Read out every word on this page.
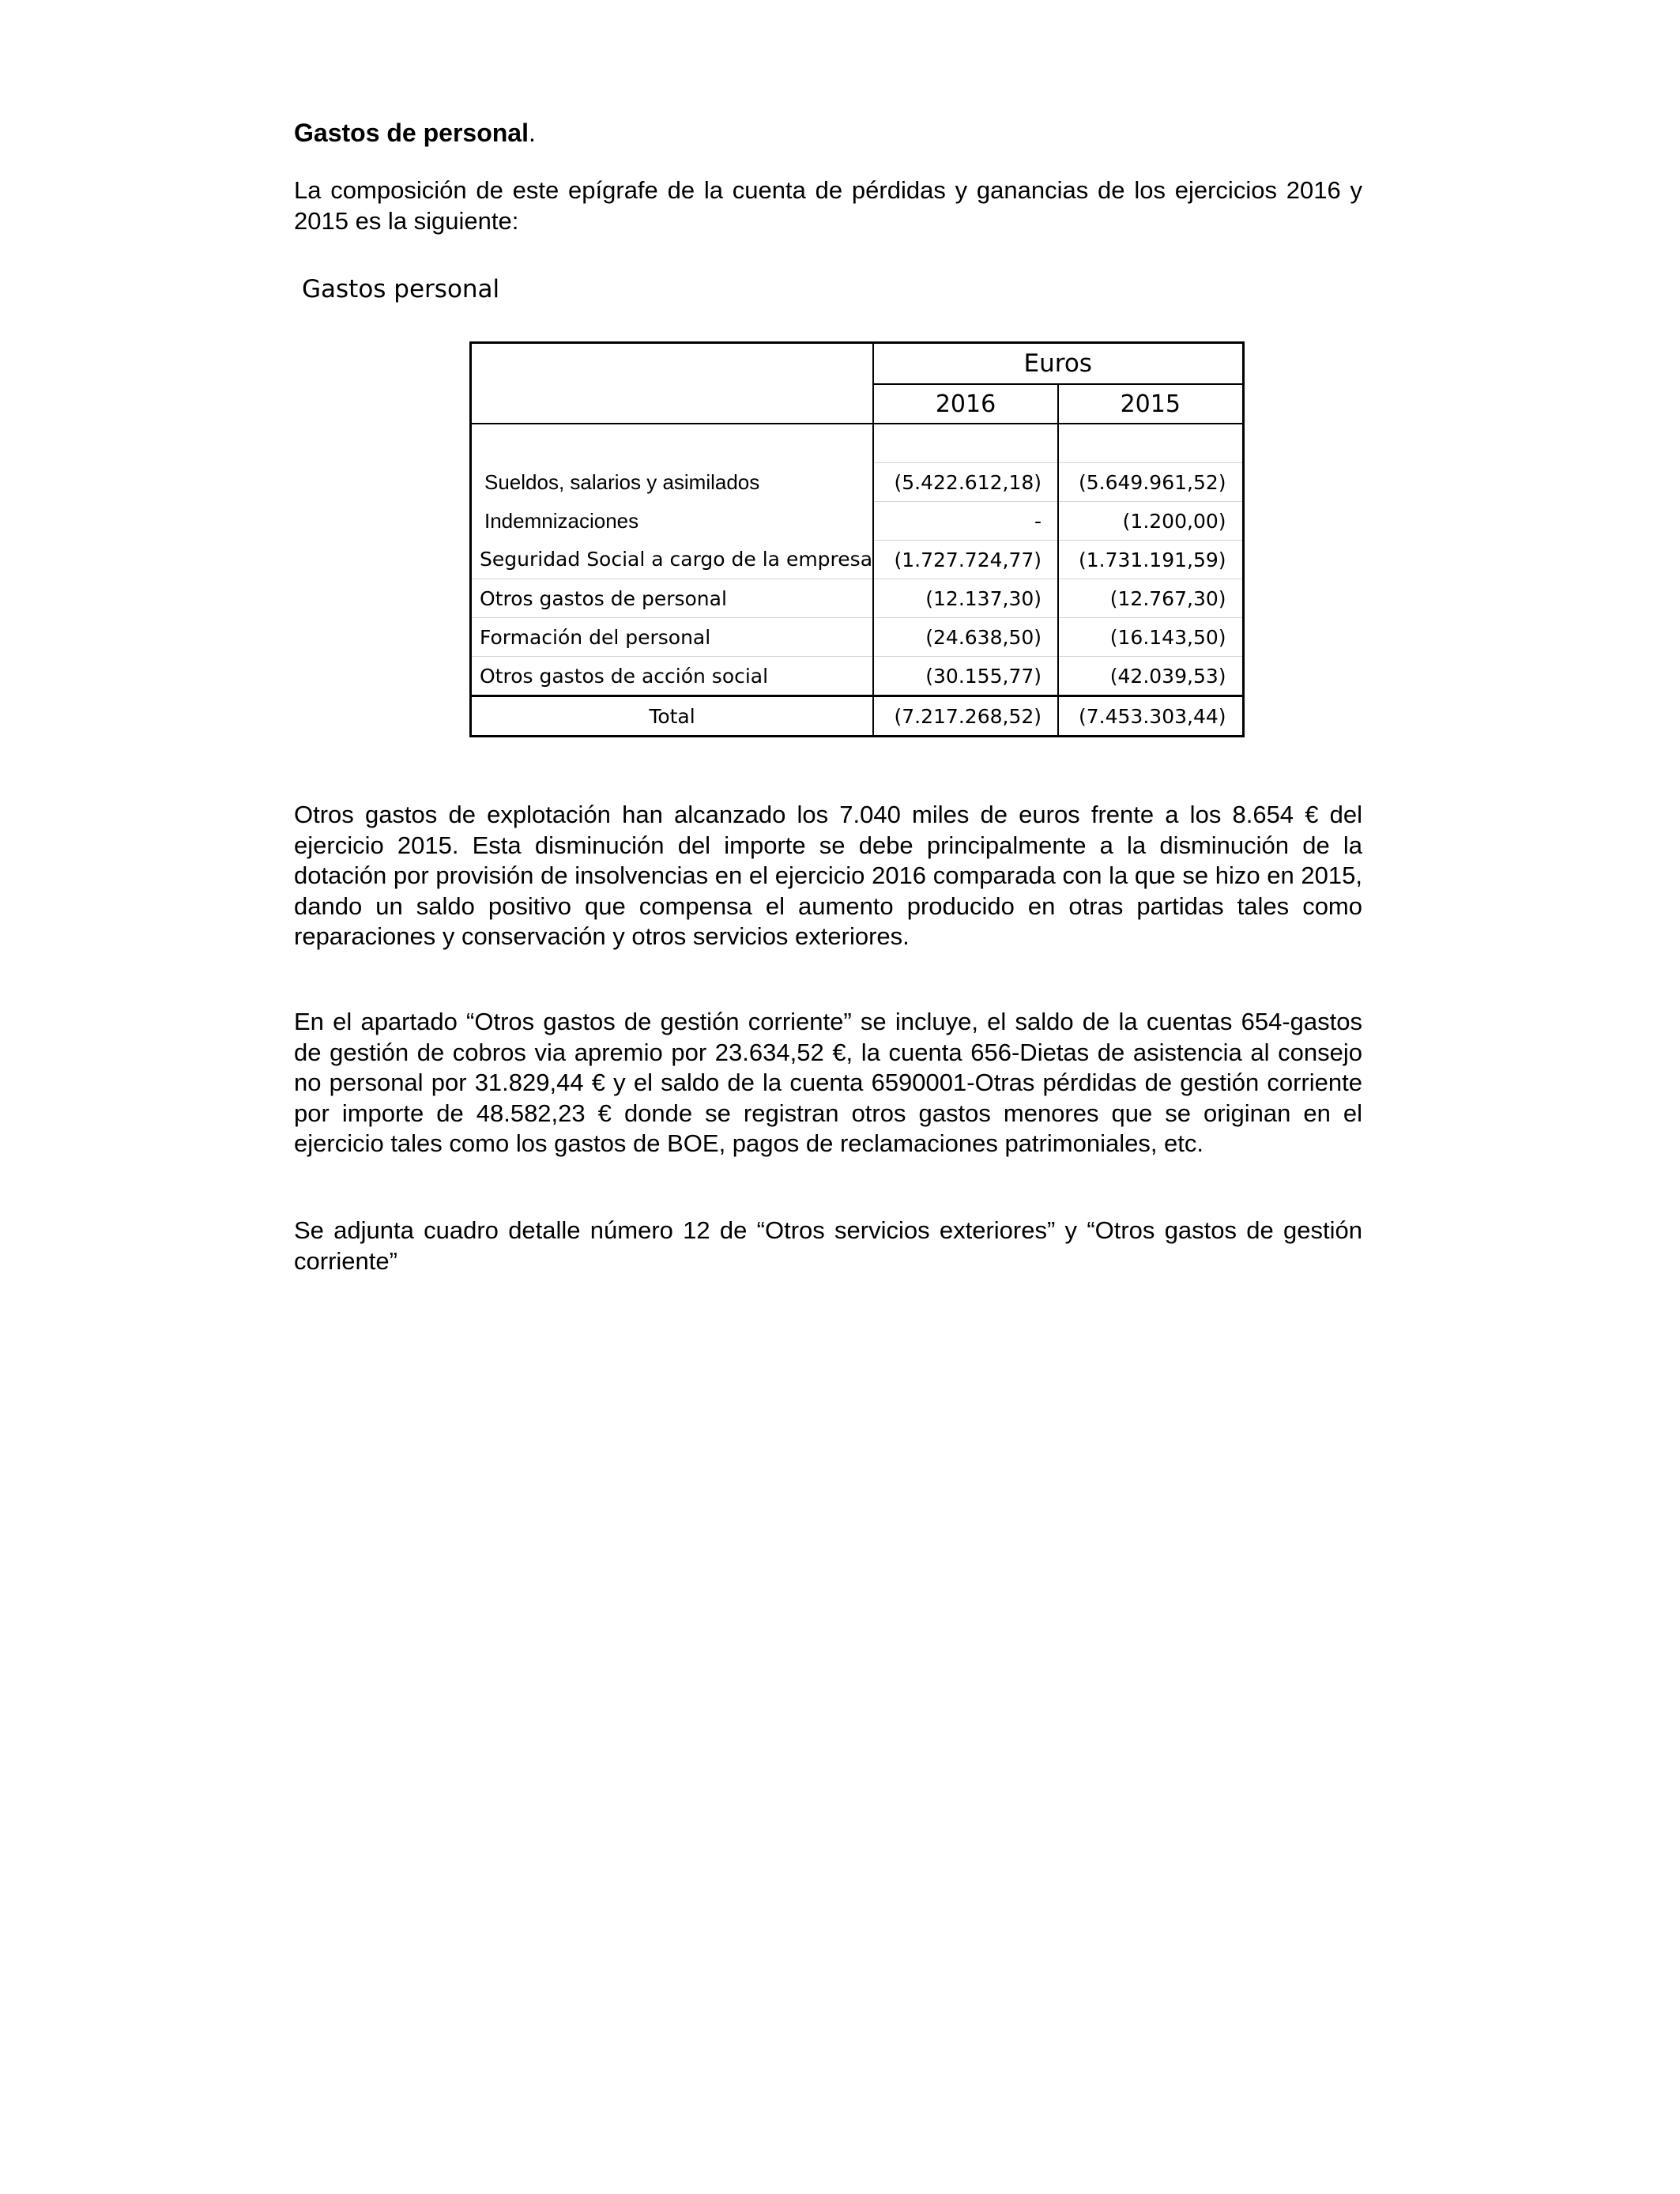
Gastos de personal.
La composición de este epígrafe de la cuenta de pérdidas y ganancias de los ejercicios 2016 y 2015 es la siguiente:
Gastos personal
	Euros	
	2016	2015

Sueldos, salarios y asimilados	(5.422.612,18)	(5.649.961,52)
Indemnizaciones	-	(1.200,00)
Seguridad Social a cargo de la empresa	(1.727.724,77)	(1.731.191,59)
Otros gastos de personal	(12.137,30)	(12.767,30)
Formación del personal	(24.638,50)	(16.143,50)
Otros gastos de acción social	(30.155,77)	(42.039,53)
Total	(7.217.268,52)	(7.453.303,44)
Otros gastos de explotación han alcanzado los 7.040 miles de euros frente a los 8.654 € del ejercicio 2015. Esta disminución del importe se debe principalmente a la disminución de la dotación por provisión de insolvencias en el ejercicio 2016 comparada con la que se hizo en 2015, dando un saldo positivo que compensa el aumento producido en otras partidas tales como reparaciones y conservación y otros servicios exteriores.
En el apartado “Otros gastos de gestión corriente” se incluye, el saldo de la cuentas 654-gastos de gestión de cobros via apremio por 23.634,52 €, la cuenta 656-Dietas de asistencia al consejo no personal por 31.829,44 € y el saldo de la cuenta 6590001-Otras pérdidas de gestión corriente por importe de 48.582,23 € donde se registran otros gastos menores que se originan en el ejercicio tales como los gastos de BOE, pagos de reclamaciones patrimoniales, etc.
Se adjunta cuadro detalle número 12 de “Otros servicios exteriores” y “Otros gastos de gestión corriente”
